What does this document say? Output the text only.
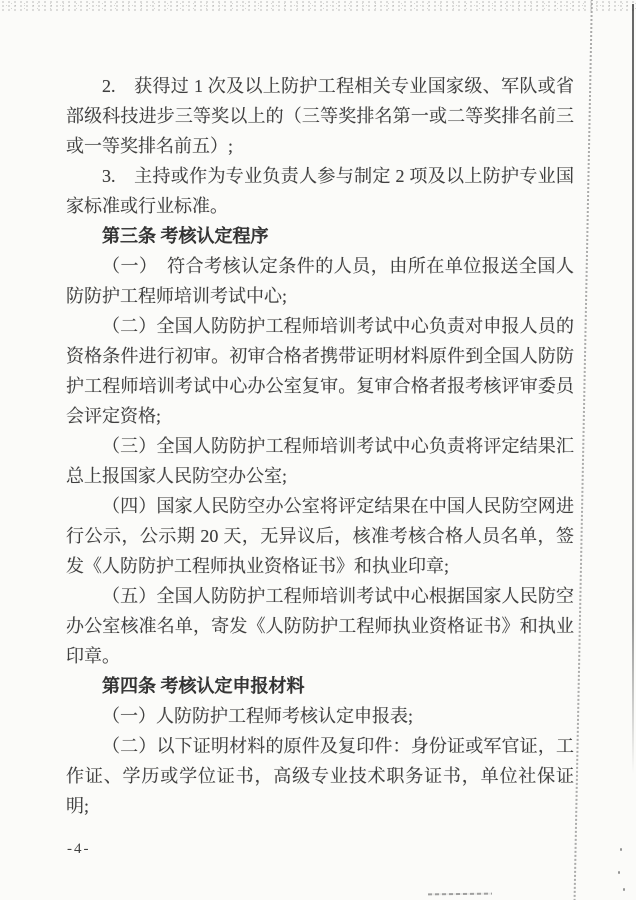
2.　获得过 1 次及以上防护工程相关专业国家级、军队或省部级科技进步三等奖以上的（三等奖排名第一或二等奖排名前三或一等奖排名前五）;
3.　主持或作为专业负责人参与制定 2 项及以上防护专业国家标准或行业标准。
第三条 考核认定程序
（一）　符合考核认定条件的人员，由所在单位报送全国人防防护工程师培训考试中心;
（二）全国人防防护工程师培训考试中心负责对申报人员的资格条件进行初审。初审合格者携带证明材料原件到全国人防防护工程师培训考试中心办公室复审。复审合格者报考核评审委员会评定资格;
（三）全国人防防护工程师培训考试中心负责将评定结果汇总上报国家人民防空办公室;
（四）国家人民防空办公室将评定结果在中国人民防空网进行公示，公示期 20 天，无异议后，核准考核合格人员名单，签发《人防防护工程师执业资格证书》和执业印章;
（五）全国人防防护工程师培训考试中心根据国家人民防空办公室核准名单，寄发《人防防护工程师执业资格证书》和执业印章。
第四条 考核认定申报材料
（一）人防防护工程师考核认定申报表;
（二）以下证明材料的原件及复印件：身份证或军官证，工作证、学历或学位证书，高级专业技术职务证书，单位社保证明;
-4-
